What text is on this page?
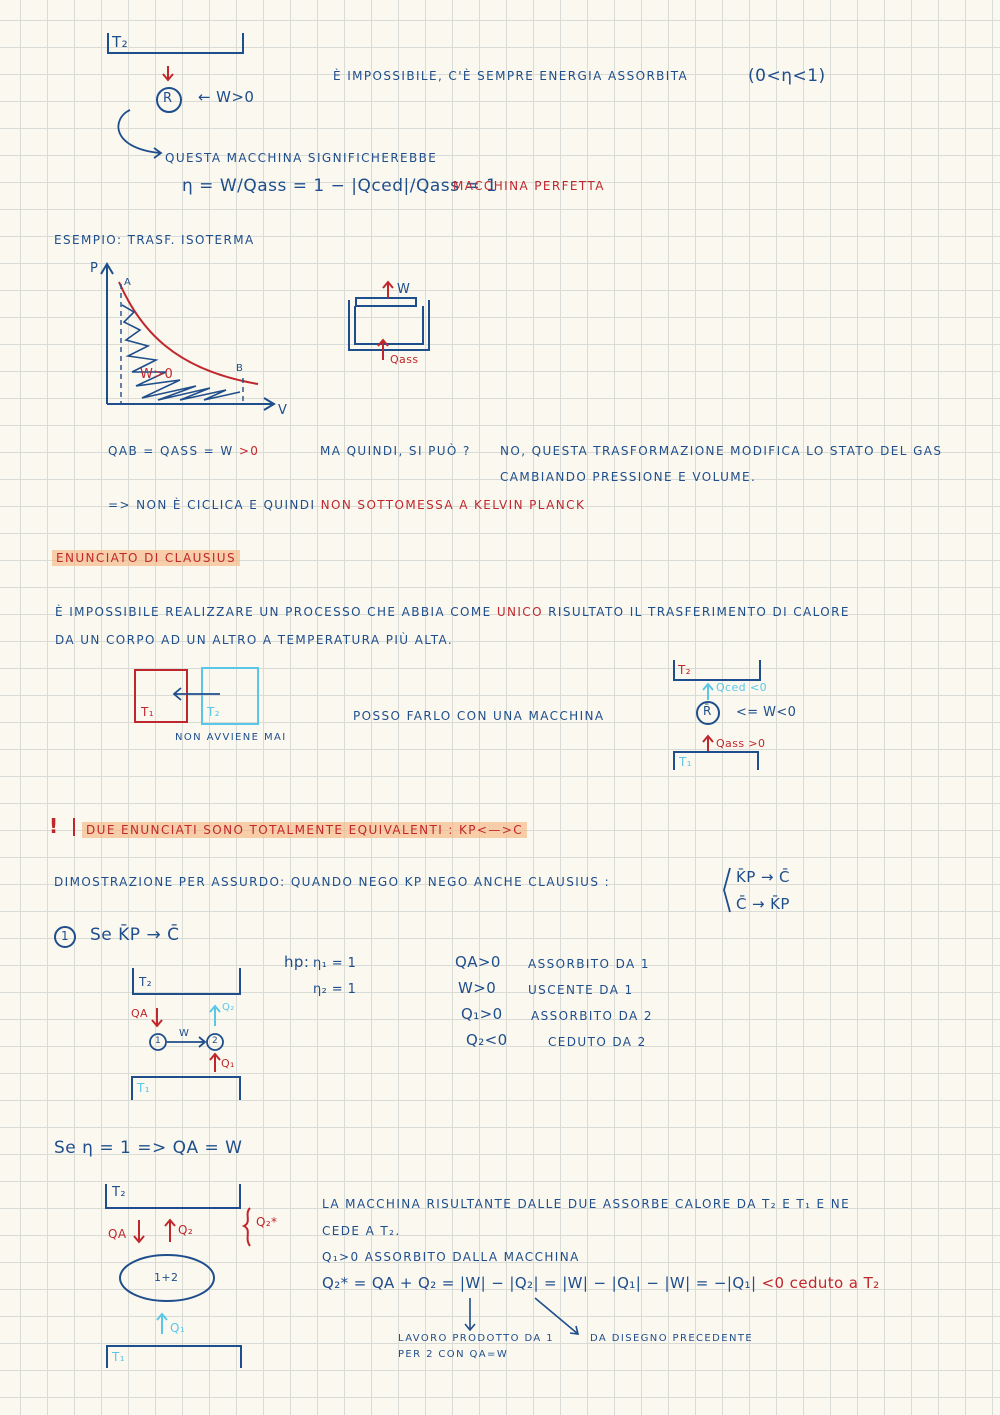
T₂
R ← W>0
È IMPOSSIBILE, C'È SEMPRE ENERGIA ASSORBITA	(0<η<1)
QUESTA MACCHINA SIGNIFICHEREBBE
η = W/Qass = 1 − |Qced|/Qass = 1
MACCHINA PERFETTA
ESEMPIO: TRASF. ISOTERMA
P
V
A
B
W>0
W
Qass
QAB = QASS = W >0	MA QUINDI, SI PUÒ ? NO, QUESTA TRASFORMAZIONE MODIFICA LO STATO DEL GAS
CAMBIANDO PRESSIONE E VOLUME.
=> NON È CICLICA E QUINDI NON SOTTOMESSA A KELVIN PLANCK
ENUNCIATO DI CLAUSIUS
È IMPOSSIBILE REALIZZARE UN PROCESSO CHE ABBIA COME UNICO RISULTATO IL TRASFERIMENTO DI CALORE
DA UN CORPO AD UN ALTRO A TEMPERATURA PIÙ ALTA.
T₁	T₂
NON AVVIENE MAI
POSSO FARLO CON UNA MACCHINA
T₂
Qced <0
R̄ <= W<0
Qass >0
T₁
!	DUE ENUNCIATI SONO TOTALMENTE EQUIVALENTI : KP<—>C
DIMOSTRAZIONE PER ASSURDO: QUANDO NEGO KP NEGO ANCHE CLAUSIUS :	K̄P → C̄
C̄ → K̄P
1 Se K̄P → C̄
T₂
QA	Q₂
1
W
2
Q₁
T₁
hp: η₁ = 1
η₂ = 1
QA>0 ASSORBITO DA 1
W>0	USCENTE DA 1
Q₁>0 ASSORBITO DA 2
Q₂<0	CEDUTO DA 2
Se η = 1 => QA = W
T₂
QA	Q₂
Q₂*
1+2
Q₁
T₁
LA MACCHINA RISULTANTE DALLE DUE ASSORBE CALORE DA T₂ E T₁ E NE
CEDE A T₂.
Q₁>0 ASSORBITO DALLA MACCHINA
Q₂* = QA + Q₂ = |W| − |Q₂| = |W| − |Q₁| − |W| = −|Q₁| <0 ceduto a T₂
LAVORO PRODOTTO DA 1
PER 2 CON QA=W
DA DISEGNO PRECEDENTE
